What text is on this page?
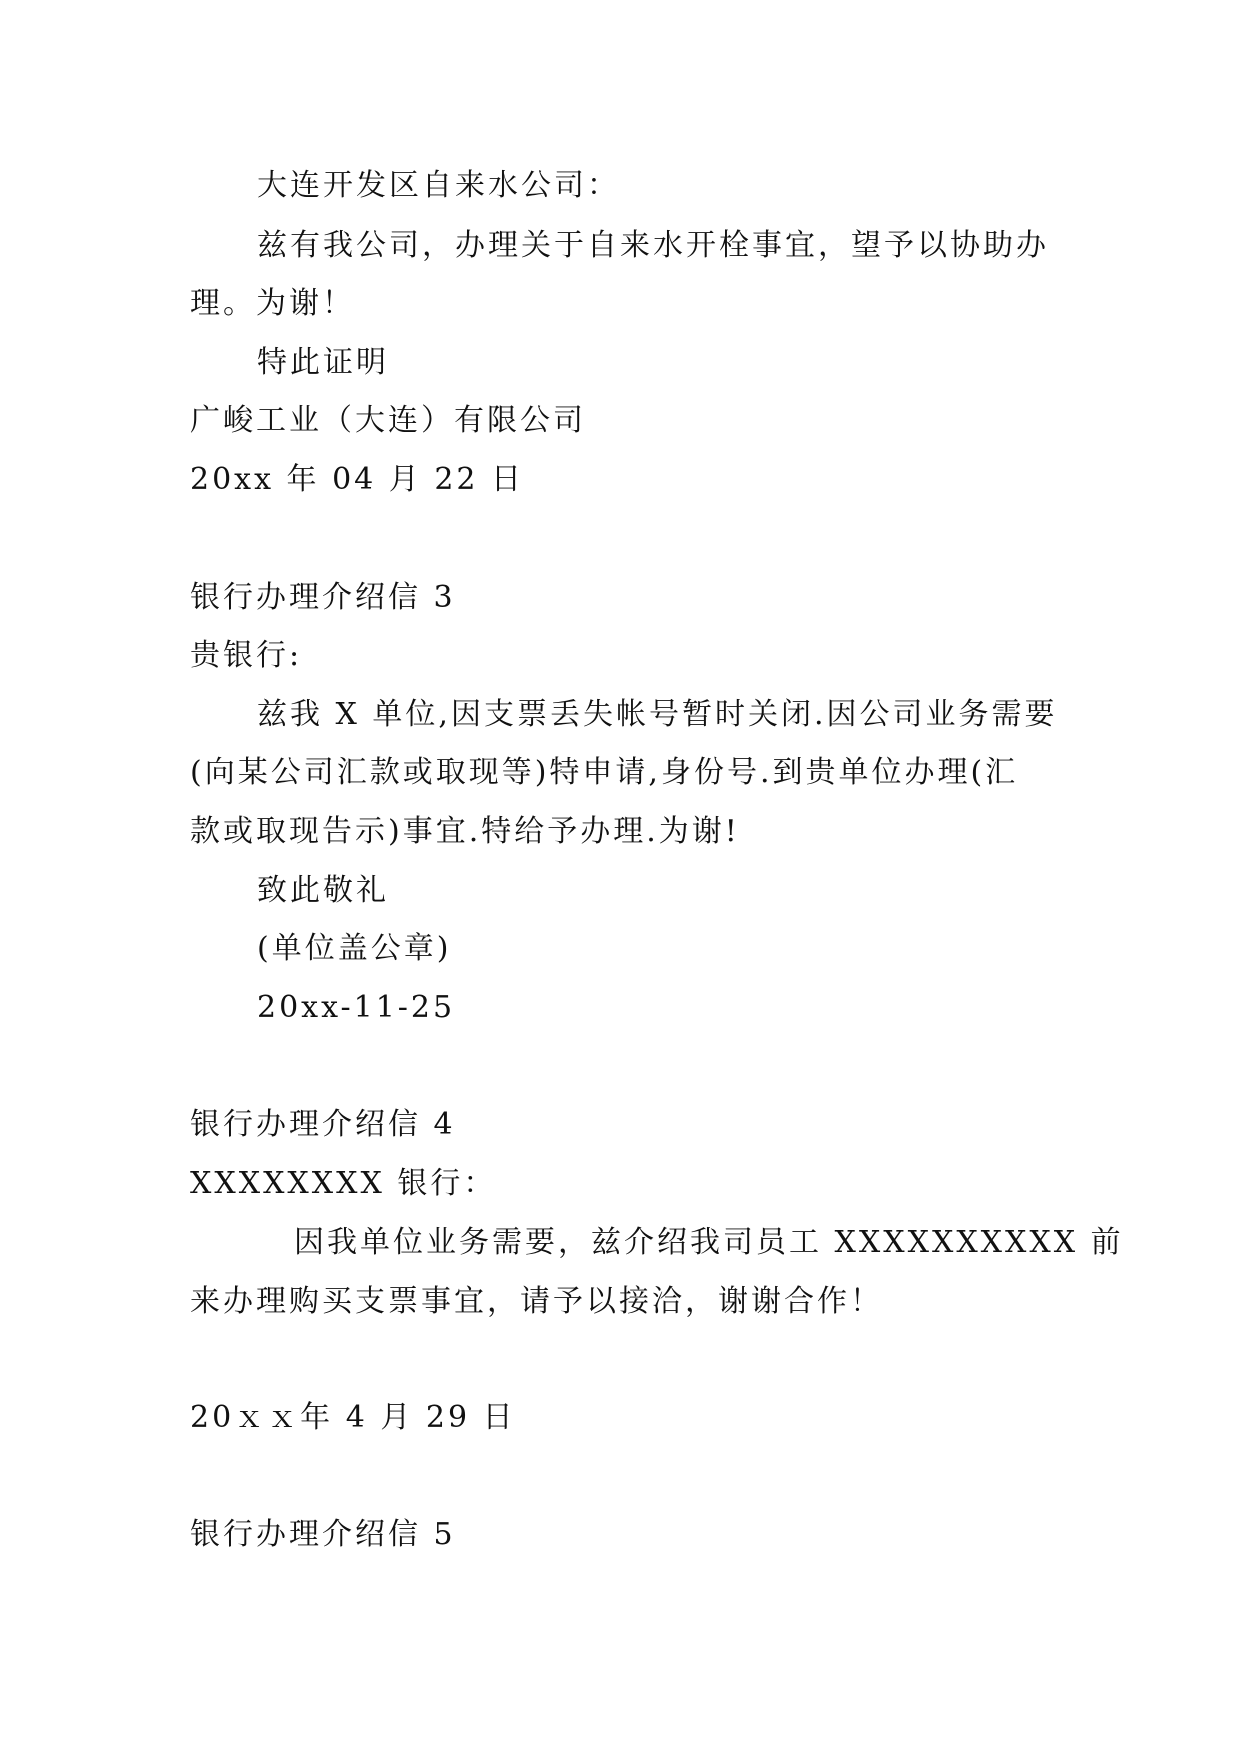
大连开发区自来水公司：
兹有我公司，办理关于自来水开栓事宜，望予以协助办
理。为谢！
特此证明
广峻工业（大连）有限公司
20xx 年 04 月 22 日
银行办理介绍信 3
贵银行:
兹我 X 单位,因支票丢失帐号暂时关闭.因公司业务需要
(向某公司汇款或取现等)特申请,身份号.到贵单位办理(汇
款或取现告示)事宜.特给予办理.为谢!
致此敬礼
(单位盖公章)
20xx-11-25
银行办理介绍信 4
XXXXXXXX 银行：
因我单位业务需要，兹介绍我司员工 XXXXXXXXXX 前
来办理购买支票事宜，请予以接洽，谢谢合作！
20ｘｘ年 4 月 29 日
银行办理介绍信 5
